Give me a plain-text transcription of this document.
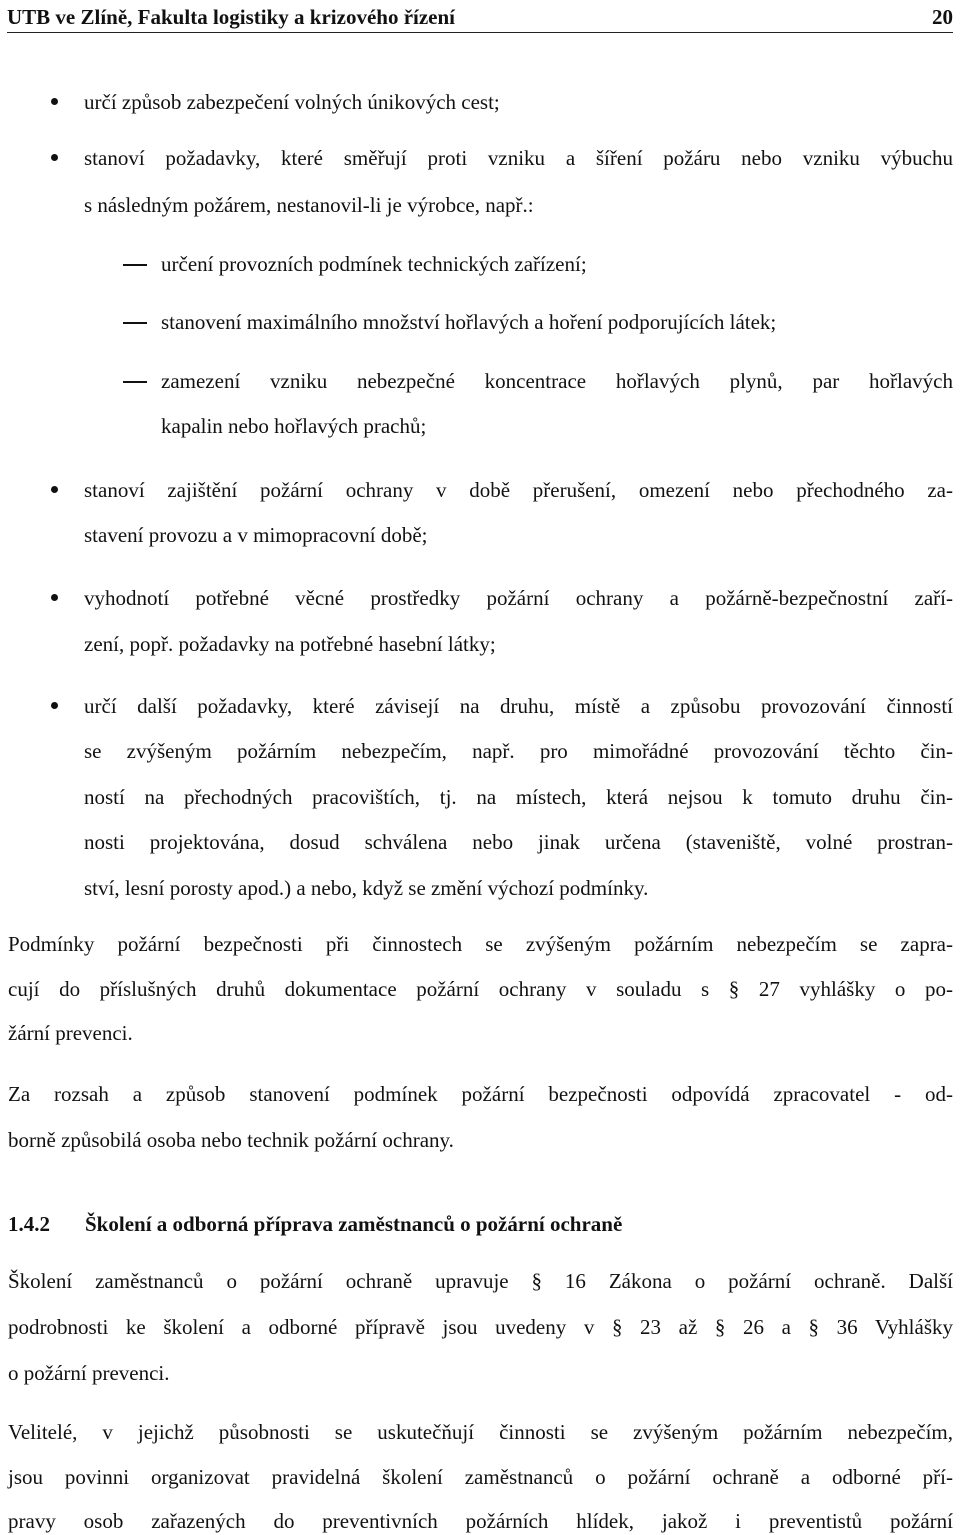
UTB ve Zlíně, Fakulta logistiky a krizového řízení	20
určí způsob zabezpečení volných únikových cest;
stanoví požadavky, které směřují proti vzniku a šíření požáru nebo vzniku výbuchu
s následným požárem, nestanovil-li je výrobce, např.:
určení provozních podmínek technických zařízení;
stanovení maximálního množství hořlavých a hoření podporujících látek;
zamezení vzniku nebezpečné koncentrace hořlavých plynů, par hořlavých
kapalin nebo hořlavých prachů;
stanoví zajištění požární ochrany v době přerušení, omezení nebo přechodného za-
stavení provozu a v mimopracovní době;
vyhodnotí potřebné věcné prostředky požární ochrany a požárně-bezpečnostní zaří-
zení, popř. požadavky na potřebné hasební látky;
určí další požadavky, které závisejí na druhu, místě a způsobu provozování činností
se zvýšeným požárním nebezpečím, např. pro mimořádné provozování těchto čin-
ností na přechodných pracovištích, tj. na místech, která nejsou k tomuto druhu čin-
nosti projektována, dosud schválena nebo jinak určena (staveniště, volné prostran-
ství, lesní porosty apod.) a nebo, když se změní výchozí podmínky.
Podmínky požární bezpečnosti při činnostech se zvýšeným požárním nebezpečím se zapra-
cují do příslušných druhů dokumentace požární ochrany v souladu s § 27 vyhlášky o po-
žární prevenci.
Za rozsah a způsob stanovení podmínek požární bezpečnosti odpovídá zpracovatel - od-
borně způsobilá osoba nebo technik požární ochrany.
1.4.2 Školení a odborná příprava zaměstnanců o požární ochraně
Školení zaměstnanců o požární ochraně upravuje § 16 Zákona o požární ochraně. Další
podrobnosti ke školení a odborné přípravě jsou uvedeny v § 23 až § 26 a § 36 Vyhlášky
o požární prevenci.
Velitelé, v jejichž působnosti se uskutečňují činnosti se zvýšeným požárním nebezpečím,
jsou povinni organizovat pravidelná školení zaměstnanců o požární ochraně a odborné pří-
pravy osob zařazených do preventivních požárních hlídek, jakož i preventistů požární
